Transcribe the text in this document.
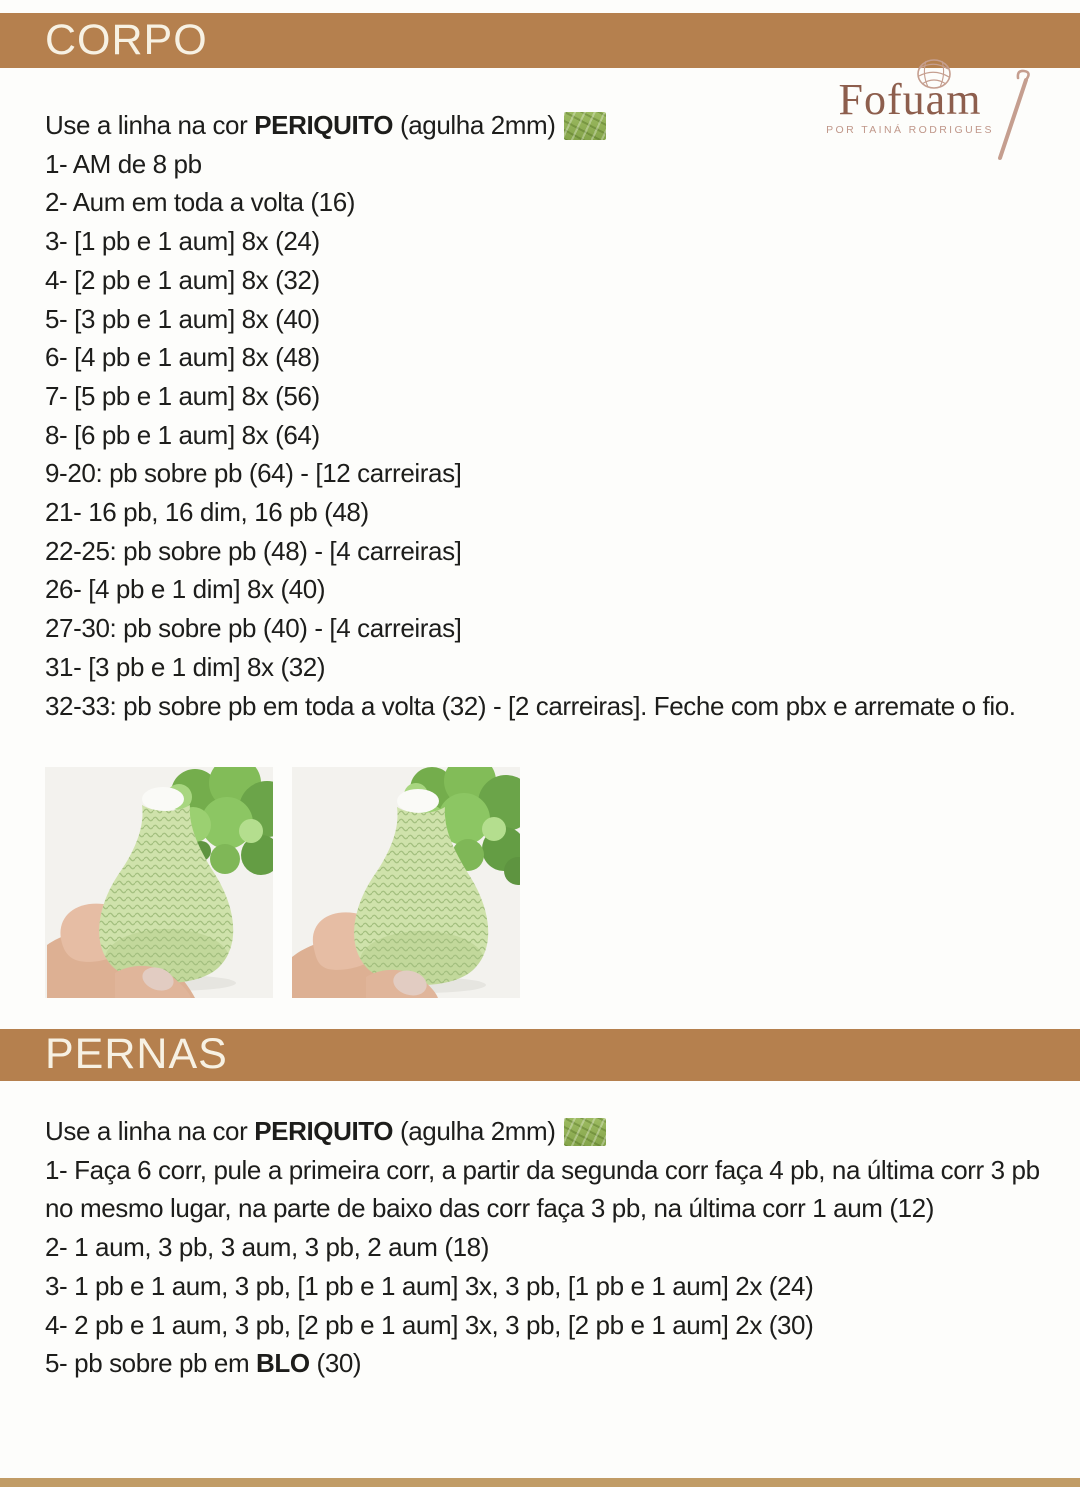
CORPO
Fofuam
POR TAINÁ RODRIGUES
Use a linha na cor PERIQUITO (agulha 2mm)
1- AM de 8 pb
2- Aum em toda a volta (16)
3- [1 pb e 1 aum] 8x (24)
4- [2 pb e 1 aum] 8x (32)
5- [3 pb e 1 aum] 8x (40)
6- [4 pb e 1 aum] 8x (48)
7- [5 pb e 1 aum] 8x (56)
8- [6 pb e 1 aum] 8x (64)
9-20: pb sobre pb (64) - [12 carreiras]
21- 16 pb, 16 dim, 16 pb (48)
22-25: pb sobre pb (48) - [4 carreiras]
26- [4 pb e 1 dim] 8x (40)
27-30: pb sobre pb (40) - [4 carreiras]
31- [3 pb e 1 dim] 8x (32)
32-33: pb sobre pb em toda a volta (32) - [2 carreiras]. Feche com pbx e arremate o fio.
PERNAS
Use a linha na cor PERIQUITO (agulha 2mm)
1- Faça 6 corr, pule a primeira corr, a partir da segunda corr faça 4 pb, na última corr 3 pb no mesmo lugar, na parte de baixo das corr faça 3 pb, na última corr 1 aum (12)
2- 1 aum, 3 pb, 3 aum, 3 pb, 2 aum (18)
3- 1 pb e 1 aum, 3 pb, [1 pb e 1 aum] 3x, 3 pb, [1 pb e 1 aum] 2x (24)
4- 2 pb e 1 aum, 3 pb, [2 pb e 1 aum] 3x, 3 pb, [2 pb e 1 aum] 2x (30)
5- pb sobre pb em BLO (30)
